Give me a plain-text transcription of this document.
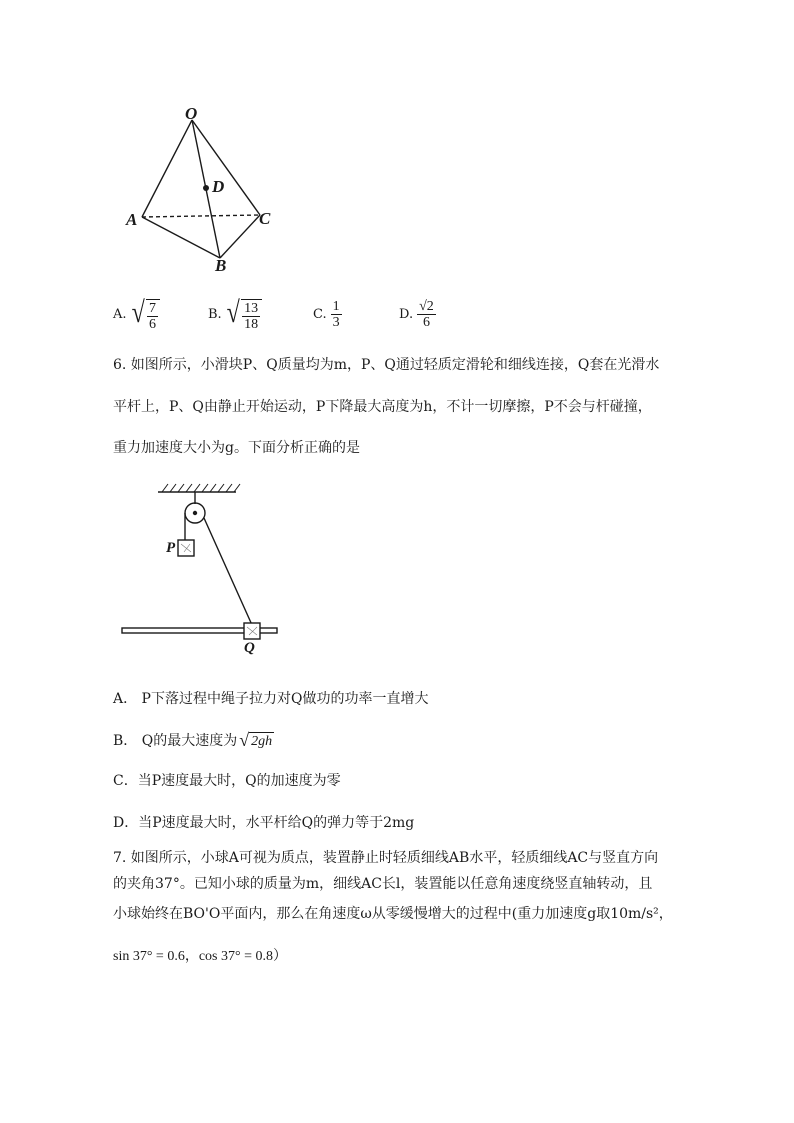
O
D
A	C
B
A. √ $\frac{7}{6}$	B. √ $\frac{13}{18}$	C. $\frac{1}{3}$	D. $\frac{√2}{6}$
6. 如图所示，小滑块P、Q质量均为m，P、Q通过轻质定滑轮和细线连接，Q套在光滑水
平杆上，P、Q由静止开始运动，P下降最大高度为h，不计一切摩擦，P不会与杆碰撞，
重力加速度大小为g。下面分析正确的是
P
Q
A． P下落过程中绳子拉力对Q做功的功率一直增大
B． Q的最大速度为 √ 2gh
C．当P速度最大时，Q的加速度为零
D．当P速度最大时，水平杆给Q的弹力等于2mg
7. 如图所示，小球A可视为质点，装置静止时轻质细线AB水平，轻质细线AC与竖直方向
的夹角37°。已知小球的质量为m，细线AC长l，装置能以任意角速度绕竖直轴转动，且
小球始终在BO'O平面内，那么在角速度ω从零缓慢增大的过程中(重力加速度g取10m/s²，
sin 37° = 0.6，cos 37° = 0.8）
